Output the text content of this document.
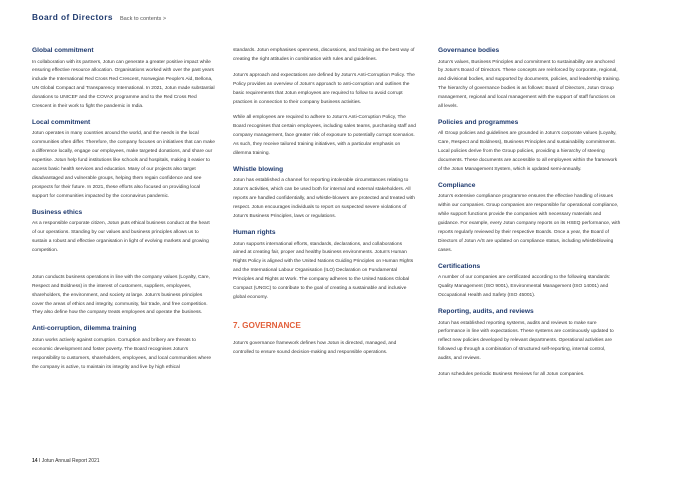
Board of Directors Back to contents >
Global commitment

In collaboration with its partners, Jotun can generate a greater positive impact while ensuring effective resource allocation. Organisations worked with over the past years include the International Red Cross Red Crescent, Norwegian People's Aid, Bellona, UN Global Compact and Transparency International. In 2021, Jotun made substantial donations to UNICEF and the COVAX programme and to the Red Cross Red Crescent in their work to fight the pandemic in India.

Local commitment

Jotun operates in many countries around the world, and the needs in the local communities often differ. Therefore, the company focuses on initiatives that can make a difference locally, engage our employees, make targeted donations, and share our expertise. Jotun help fund institutions like schools and hospitals, making it easier to access basic health services and education. Many of our projects also target disadvantaged and vulnerable groups, helping them regain confidence and see prospects for their future. In 2021, these efforts also focused on providing local support for communities impacted by the coronavirus pandemic.

Business ethics

As a responsible corporate citizen, Jotun puts ethical business conduct at the heart of our operations. Standing by our values and business principles allows us to sustain a robust and effective organisation in light of evolving markets and growing competition.

Jotun conducts business operations in line with the company values (Loyalty, Care, Respect and Boldness) in the interest of customers, suppliers, employees, shareholders, the environment, and society at large. Jotun's business principles cover the areas of ethics and integrity, community, fair trade, and free competition. They also define how the company treats employees and operate the business.

Anti-corruption, dilemma training

Jotun works actively against corruption. Corruption and bribery are threats to economic development and foster poverty. The Board recognises Jotun's responsibility to customers, shareholders, employees, and local communities where the company is active, to maintain its integrity and live by high ethical

standards. Jotun emphasises openness, discussions, and training as the best way of creating the right attitudes in combination with rules and guidelines.

Jotun's approach and expectations are defined by Jotun's Anti-Corruption Policy. The Policy provides an overview of Jotun's approach to anti-corruption and outlines the basic requirements that Jotun employees are required to follow to avoid corrupt practices in connection to their company business activities.

While all employees are required to adhere to Jotun's Anti-Corruption Policy, The Board recognises that certain employees, including sales teams, purchasing staff and company management, face greater risk of exposure to potentially corrupt scenarios. As such, they receive tailored training initiatives, with a particular emphasis on dilemma training.

Whistle blowing

Jotun has established a channel for reporting intolerable circumstances relating to Jotun's activities, which can be used both for internal and external stakeholders. All reports are handled confidentially, and whistle-blowers are protected and treated with respect. Jotun encourages individuals to report on suspected severe violations of Jotun's Business Principles, laws or regulations.

Human rights

Jotun supports international efforts, standards, declarations, and collaborations aimed at creating fair, proper and healthy business environments. Jotun's Human Rights Policy is aligned with the United Nations Guiding Principles on Human Rights and the International Labour Organisation (ILO) Declaration on Fundamental Principles and Rights at Work. The company adheres to the United Nations Global Compact (UNGC) to contribute to the goal of creating a sustainable and inclusive global economy.

7. GOVERNANCE

Jotun's governance framework defines how Jotun is directed, managed, and controlled to ensure sound decision-making and responsible operations.

Governance bodies

Jotun's values, Business Principles and commitment to sustainability are anchored by Jotun's Board of Directors. These concepts are reinforced by corporate, regional, and divisional bodies, and supported by documents, policies, and leadership training. The hierarchy of governance bodies is as follows: Board of Directors, Jotun Group management, regional and local management with the support of staff functions on all levels.

Policies and programmes

All Group policies and guidelines are grounded in Jotun's corporate values (Loyalty, Care, Respect and Boldness), Business Principles and sustainability commitments. Local policies derive from the Group policies, providing a hierarchy of steering documents. These documents are accessible to all employees within the framework of the Jotun Management System, which is updated semi-annually.

Compliance

Jotun's extensive compliance programme ensures the effective handling of issues within our companies. Group companies are responsible for operational compliance, while support functions provide the companies with necessary materials and guidance. For example, every Jotun company reports on its HSEQ performance, with reports regularly reviewed by their respective Boards. Once a year, the Board of Directors of Jotun A/S are updated on compliance status, including whistleblowing cases.

Certifications

A number of our companies are certificated according to the following standards: Quality Management (ISO 9001), Environmental Management (ISO 14001) and Occupational Health and Safety (ISO 45001).

Reporting, audits, and reviews

Jotun has established reporting systems, audits and reviews to make sure performance in line with expectations. These systems are continuously updated to reflect new policies developed by relevant departments. Operational activities are followed up through a combination of structured self-reporting, internal control, audits, and reviews.

Jotun schedules periodic Business Reviews for all Jotun companies.

14 I Jotun Annual Report 2021
